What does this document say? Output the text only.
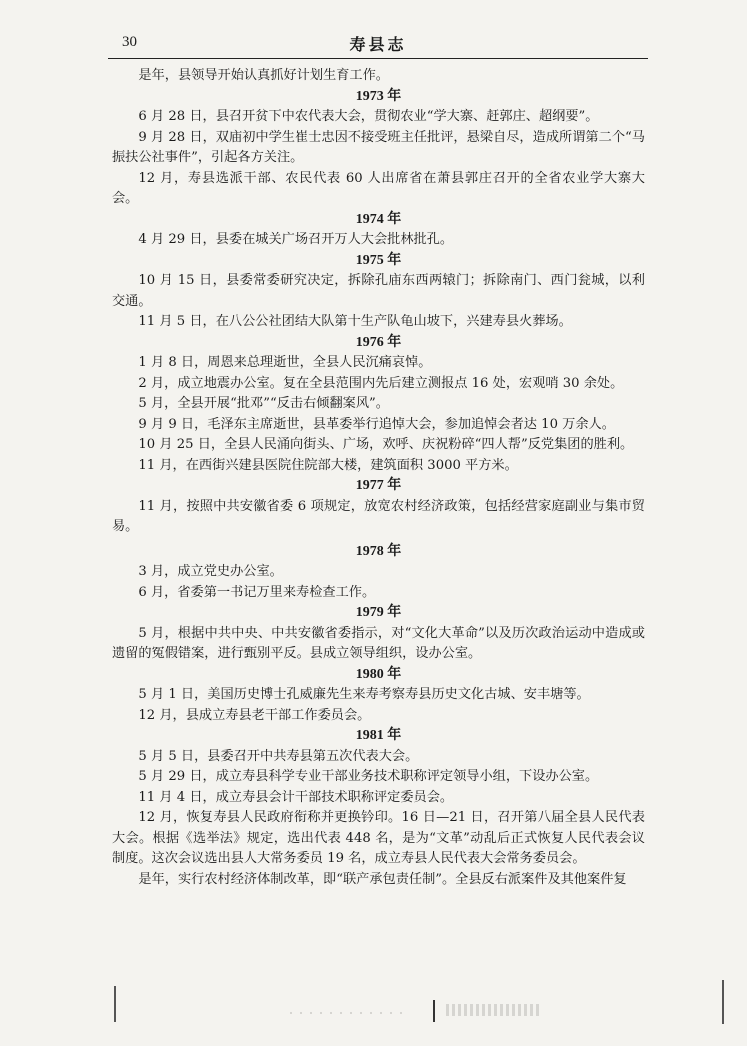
30	寿县志

是年，县领导开始认真抓好计划生育工作。

1973 年

6 月 28 日，县召开贫下中农代表大会，贯彻农业“学大寨、赶郭庄、超纲要”。

9 月 28 日，双庙初中学生崔士忠因不接受班主任批评，悬梁自尽，造成所谓第二个“马振扶公社事件”，引起各方关注。

12 月，寿县选派干部、农民代表 60 人出席省在萧县郭庄召开的全省农业学大寨大会。

1974 年

4 月 29 日，县委在城关广场召开万人大会批林批孔。

1975 年

10 月 15 日，县委常委研究决定，拆除孔庙东西两辕门；拆除南门、西门瓮城，以利交通。

11 月 5 日，在八公公社团结大队第十生产队龟山坡下，兴建寿县火葬场。

1976 年

1 月 8 日，周恩来总理逝世，全县人民沉痛哀悼。

2 月，成立地震办公室。复在全县范围内先后建立测报点 16 处，宏观哨 30 余处。

5 月，全县开展“批邓”“反击右倾翻案风”。

9 月 9 日，毛泽东主席逝世，县革委举行追悼大会，参加追悼会者达 10 万余人。

10 月 25 日，全县人民涌向街头、广场，欢呼、庆祝粉碎“四人帮”反党集团的胜利。

11 月，在西街兴建县医院住院部大楼，建筑面积 3000 平方米。

1977 年

11 月，按照中共安徽省委 6 项规定，放宽农村经济政策，包括经营家庭副业与集市贸易。

1978 年

3 月，成立党史办公室。

6 月，省委第一书记万里来寿检查工作。

1979 年

5 月，根据中共中央、中共安徽省委指示，对“文化大革命”以及历次政治运动中造成或遗留的冤假错案，进行甄别平反。县成立领导组织，设办公室。

1980 年

5 月 1 日，美国历史博士孔威廉先生来寿考察寿县历史文化古城、安丰塘等。

12 月，县成立寿县老干部工作委员会。

1981 年

5 月 5 日，县委召开中共寿县第五次代表大会。

5 月 29 日，成立寿县科学专业干部业务技术职称评定领导小组，下设办公室。

11 月 4 日，成立寿县会计干部技术职称评定委员会。

12 月，恢复寿县人民政府衔称并更换钤印。16 日—21 日，召开第八届全县人民代表大会。根据《选举法》规定，选出代表 448 名，是为“文革”动乱后正式恢复人民代表会议制度。这次会议选出县人大常务委员 19 名，成立寿县人民代表大会常务委员会。

是年，实行农村经济体制改革，即“联产承包责任制”。全县反右派案件及其他案件复
